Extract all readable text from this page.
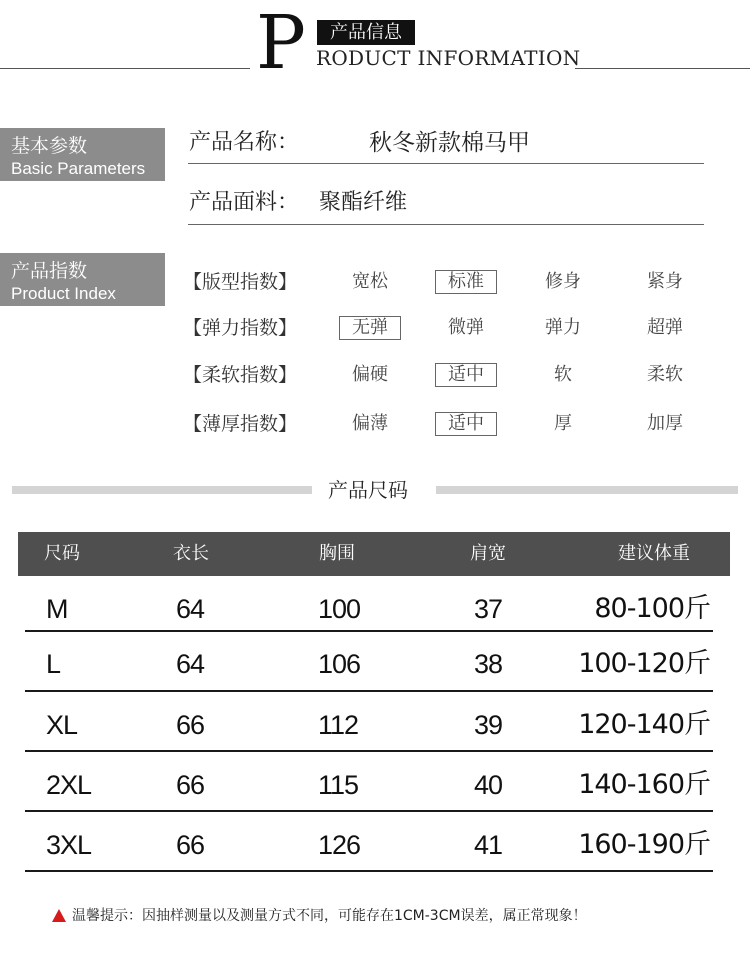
P	产品信息
RODUCT INFORMATION
基本参数
Basic Parameters
产品名称：	秋冬新款棉马甲
产品面料： 聚酯纤维
产品指数
Product Index
【版型指数】	宽松	标准	修身	紧身
【弹力指数】	无弹	微弹	弹力	超弹
【柔软指数】	偏硬	适中	软	柔软
【薄厚指数】	偏薄	适中	厚	加厚
产品尺码
尺码	衣长	胸围	肩宽	建议体重
M	64	100	37	80-100斤
L	64	106	38	100-120斤
XL	66	112	39	120-140斤
2XL	66	115	40	140-160斤
3XL	66	126	41	160-190斤
温馨提示：因抽样测量以及测量方式不同，可能存在1CM-3CM误差，属正常现象！
